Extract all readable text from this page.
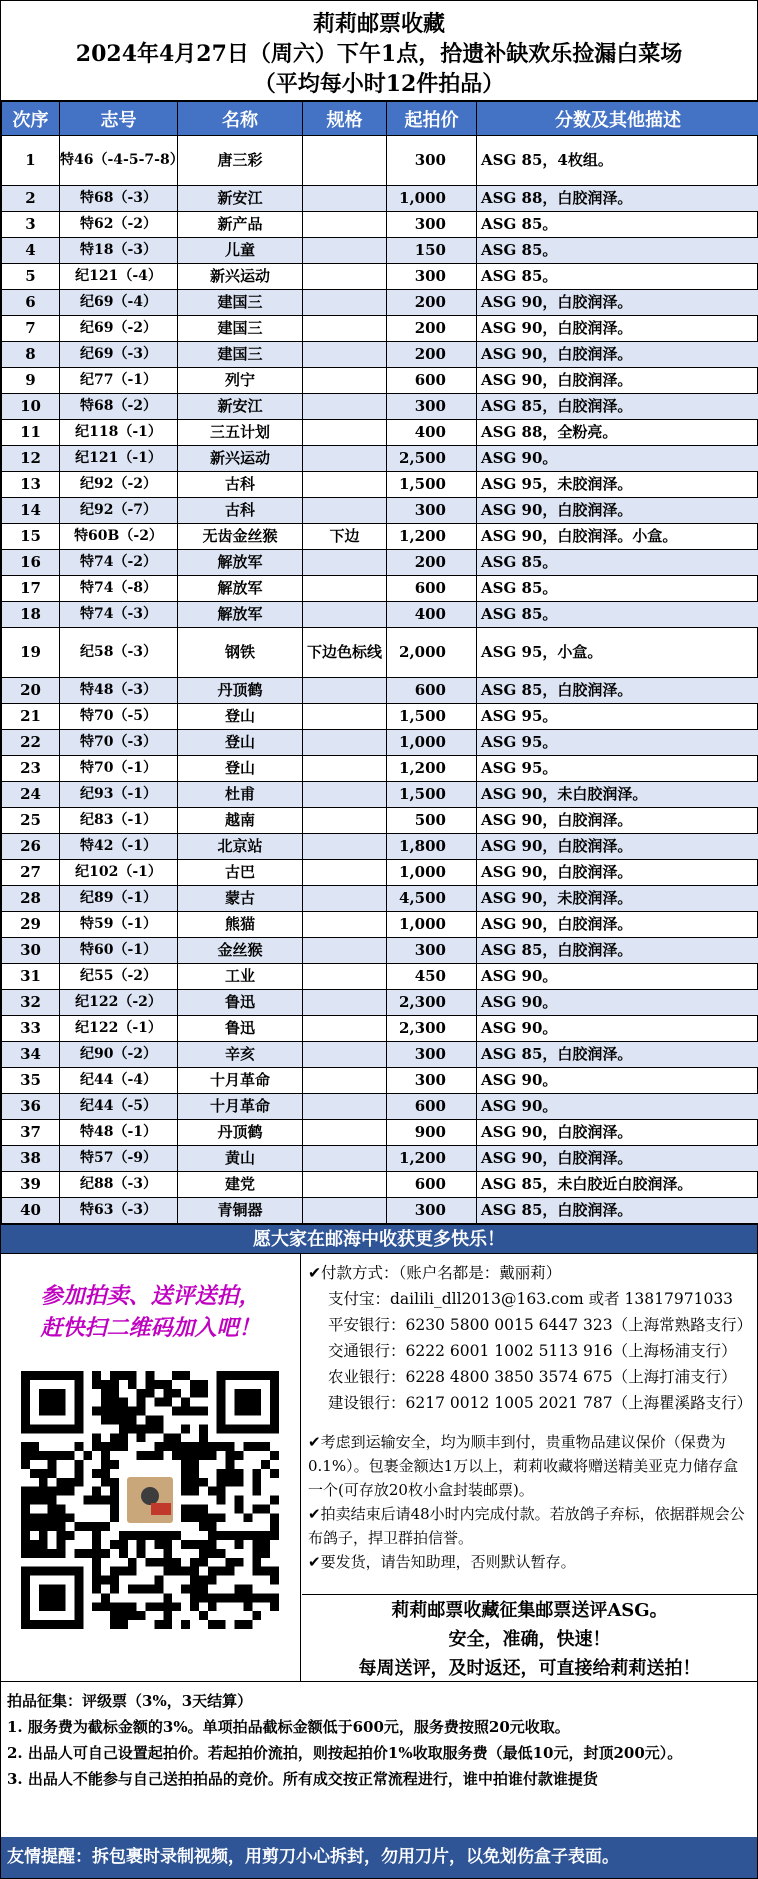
莉莉邮票收藏
2024年4月27日（周六）下午1点，拾遗补缺欢乐捡漏白菜场
（平均每小时12件拍品）
次序	志号	名称	规格	起拍价	分数及其他描述
1	特46（-4-5-7-8）	唐三彩		300	ASG 85，4枚组。
2	特68（-3）	新安江		1,000	ASG 88，白胶润泽。
3	特62（-2）	新产品		300	ASG 85。
4	特18（-3）	儿童		150	ASG 85。
5	纪121（-4）	新兴运动		300	ASG 85。
6	纪69（-4）	建国三		200	ASG 90，白胶润泽。
7	纪69（-2）	建国三		200	ASG 90，白胶润泽。
8	纪69（-3）	建国三		200	ASG 90，白胶润泽。
9	纪77（-1）	列宁		600	ASG 90，白胶润泽。
10	特68（-2）	新安江		300	ASG 85，白胶润泽。
11	纪118（-1）	三五计划		400	ASG 88，全粉亮。
12	纪121（-1）	新兴运动		2,500	ASG 90。
13	纪92（-2）	古科		1,500	ASG 95，未胶润泽。
14	纪92（-7）	古科		300	ASG 90，白胶润泽。
15	特60B（-2）	无齿金丝猴	下边	1,200	ASG 90，白胶润泽。小盒。
16	特74（-2）	解放军		200	ASG 85。
17	特74（-8）	解放军		600	ASG 85。
18	特74（-3）	解放军		400	ASG 85。
19	纪58（-3）	钢铁	下边色标线	2,000	ASG 95，小盒。
20	特48（-3）	丹顶鹤		600	ASG 85，白胶润泽。
21	特70（-5）	登山		1,500	ASG 95。
22	特70（-3）	登山		1,000	ASG 95。
23	特70（-1）	登山		1,200	ASG 95。
24	纪93（-1）	杜甫		1,500	ASG 90，未白胶润泽。
25	纪83（-1）	越南		500	ASG 90，白胶润泽。
26	特42（-1）	北京站		1,800	ASG 90，白胶润泽。
27	纪102（-1）	古巴		1,000	ASG 90，白胶润泽。
28	纪89（-1）	蒙古		4,500	ASG 90，未胶润泽。
29	特59（-1）	熊猫		1,000	ASG 90，白胶润泽。
30	特60（-1）	金丝猴		300	ASG 85，白胶润泽。
31	纪55（-2）	工业		450	ASG 90。
32	纪122（-2）	鲁迅		2,300	ASG 90。
33	纪122（-1）	鲁迅		2,300	ASG 90。
34	纪90（-2）	辛亥		300	ASG 85，白胶润泽。
35	纪44（-4）	十月革命		300	ASG 90。
36	纪44（-5）	十月革命		600	ASG 90。
37	特48（-1）	丹顶鹤		900	ASG 90，白胶润泽。
38	特57（-9）	黄山		1,200	ASG 90，白胶润泽。
39	纪88（-3）	建党		600	ASG 85，未白胶近白胶润泽。
40	特63（-3）	青铜器		300	ASG 85，白胶润泽。
愿大家在邮海中收获更多快乐！
参加拍卖、送评送拍，
赶快扫二维码加入吧！
✔付款方式：（账户名都是：戴丽莉）
支付宝：dailili_dll2013@163.com 或者 13817971033
平安银行：6230 5800 0015 6447 323（上海常熟路支行）
交通银行：6222 6001 1002 5113 916（上海杨浦支行）
农业银行：6228 4800 3850 3574 675（上海打浦支行）
建设银行：6217 0012 1005 2021 787（上海瞿溪路支行）
✔考虑到运输安全，均为顺丰到付，贵重物品建议保价（保费为0.1%）。包裹金额达1万以上，莉莉收藏将赠送精美亚克力储存盒一个(可存放20枚小盒封装邮票)。
✔拍卖结束后请48小时内完成付款。若放鸽子弃标，依据群规会公布鸽子，捍卫群拍信誉。
✔要发货，请告知助理，否则默认暂存。
莉莉邮票收藏征集邮票送评ASG。
安全，准确，快速！
每周送评，及时返还，可直接给莉莉送拍！
拍品征集：评级票（3%，3天结算）
1. 服务费为截标金额的3%。单项拍品截标金额低于600元，服务费按照20元收取。
2. 出品人可自己设置起拍价。若起拍价流拍，则按起拍价1%收取服务费（最低10元，封顶200元）。
3. 出品人不能参与自己送拍拍品的竞价。所有成交按正常流程进行，谁中拍谁付款谁提货
友情提醒：拆包裹时录制视频，用剪刀小心拆封，勿用刀片，以免划伤盒子表面。
